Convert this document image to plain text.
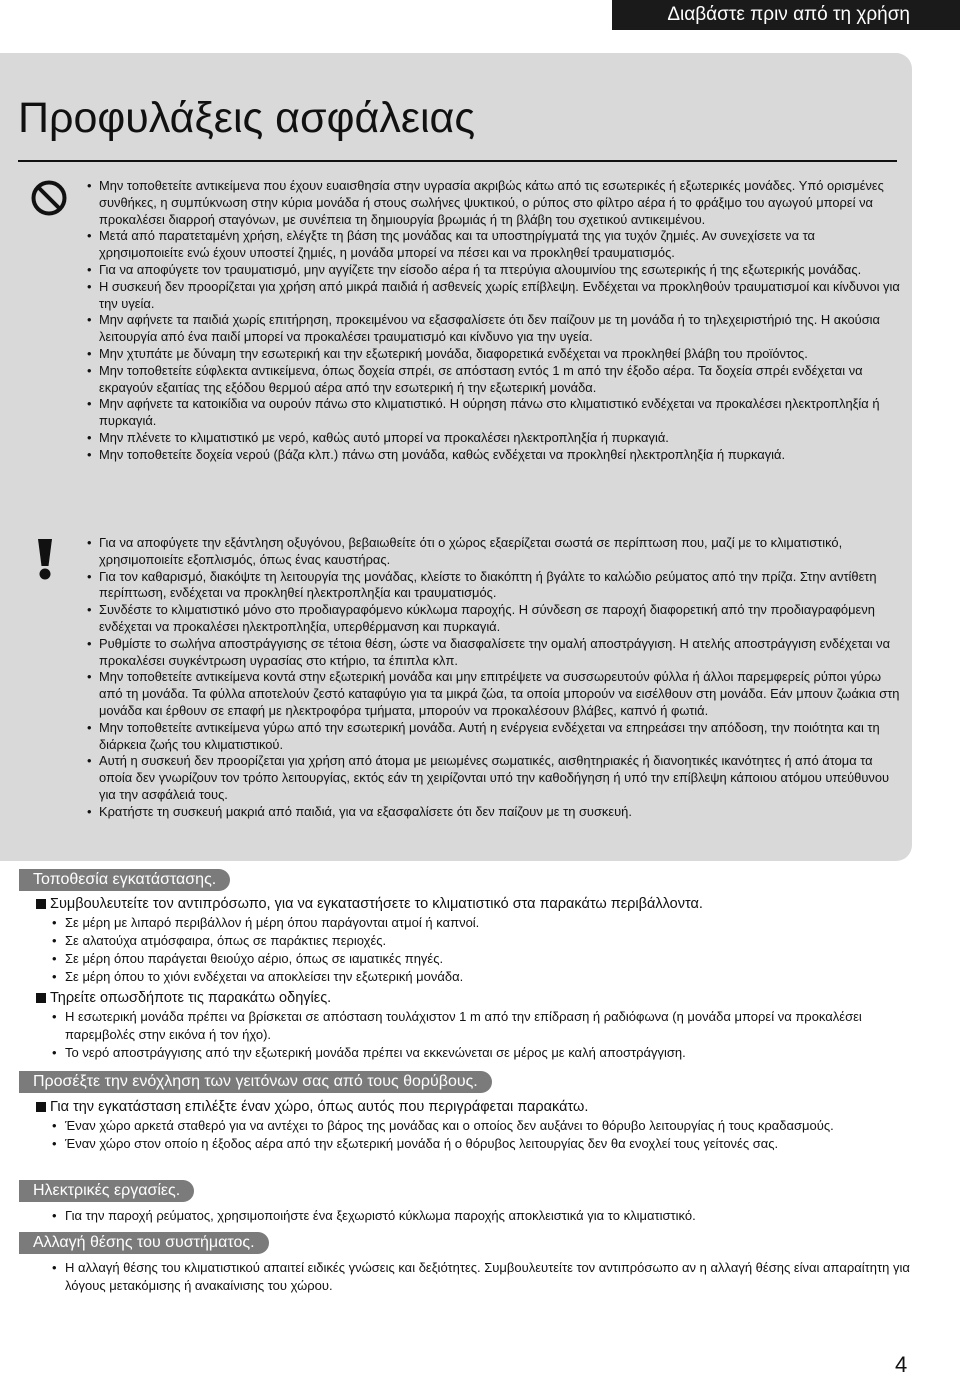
Διαβάστε πριν από τη χρήση
Προφυλάξεις ασφάλειας
• Μην τοποθετείτε αντικείμενα που έχουν ευαισθησία στην υγρασία ακριβώς κάτω από τις εσωτερικές ή εξωτερικές μονάδες. Υπό ορισμένες συνθήκες, η συμπύκνωση στην κύρια μονάδα ή στους σωλήνες ψυκτικού, ο ρύπος στο φίλτρο αέρα ή το φράξιμο του αγωγού μπορεί να προκαλέσει διαρροή σταγόνων, με συνέπεια τη δημιουργία βρωμιάς ή τη βλάβη του σχετικού αντικειμένου.
• Μετά από παρατεταμένη χρήση, ελέγξτε τη βάση της μονάδας και τα υποστηρίγματά της για τυχόν ζημιές. Αν συνεχίσετε να τα χρησιμοποιείτε ενώ έχουν υποστεί ζημιές, η μονάδα μπορεί να πέσει και να προκληθεί τραυματισμός.
• Για να αποφύγετε τον τραυματισμό, μην αγγίζετε την είσοδο αέρα ή τα πτερύγια αλουμινίου της εσωτερικής ή της εξωτερικής μονάδας.
• Η συσκευή δεν προορίζεται για χρήση από μικρά παιδιά ή ασθενείς χωρίς επίβλεψη. Ενδέχεται να προκληθούν τραυματισμοί και κίνδυνοι για την υγεία.
• Μην αφήνετε τα παιδιά χωρίς επιτήρηση, προκειμένου να εξασφαλίσετε ότι δεν παίζουν με τη μονάδα ή το τηλεχειριστήριό της. Η ακούσια λειτουργία από ένα παιδί μπορεί να προκαλέσει τραυματισμό και κίνδυνο για την υγεία.
• Μην χτυπάτε με δύναμη την εσωτερική και την εξωτερική μονάδα, διαφορετικά ενδέχεται να προκληθεί βλάβη του προϊόντος.
• Μην τοποθετείτε εύφλεκτα αντικείμενα, όπως δοχεία σπρέι, σε απόσταση εντός 1 m από την έξοδο αέρα. Τα δοχεία σπρέι ενδέχεται να εκραγούν εξαιτίας της εξόδου θερμού αέρα από την εσωτερική ή την εξωτερική μονάδα.
• Μην αφήνετε τα κατοικίδια να ουρούν πάνω στο κλιματιστικό. Η ούρηση πάνω στο κλιματιστικό ενδέχεται να προκαλέσει ηλεκτροπληξία ή πυρκαγιά.
• Μην πλένετε το κλιματιστικό με νερό, καθώς αυτό μπορεί να προκαλέσει ηλεκτροπληξία ή πυρκαγιά.
• Μην τοποθετείτε δοχεία νερού (βάζα κλπ.) πάνω στη μονάδα, καθώς ενδέχεται να προκληθεί ηλεκτροπληξία ή πυρκαγιά.
• Για να αποφύγετε την εξάντληση οξυγόνου, βεβαιωθείτε ότι ο χώρος εξαερίζεται σωστά σε περίπτωση που, μαζί με το κλιματιστικό, χρησιμοποιείτε εξοπλισμός, όπως ένας καυστήρας.
• Για τον καθαρισμό, διακόψτε τη λειτουργία της μονάδας, κλείστε το διακόπτη ή βγάλτε το καλώδιο ρεύματος από την πρίζα. Στην αντίθετη περίπτωση, ενδέχεται να προκληθεί ηλεκτροπληξία και τραυματισμός.
• Συνδέστε το κλιματιστικό μόνο στο προδιαγραφόμενο κύκλωμα παροχής. Η σύνδεση σε παροχή διαφορετική από την προδιαγραφόμενη ενδέχεται να προκαλέσει ηλεκτροπληξία, υπερθέρμανση και πυρκαγιά.
• Ρυθμίστε το σωλήνα αποστράγγισης σε τέτοια θέση, ώστε να διασφαλίσετε την ομαλή αποστράγγιση. Η ατελής αποστράγγιση ενδέχεται να προκαλέσει συγκέντρωση υγρασίας στο κτήριο, τα έπιπλα κλπ.
• Μην τοποθετείτε αντικείμενα κοντά στην εξωτερική μονάδα και μην επιτρέψετε να συσσωρευτούν φύλλα ή άλλοι παρεμφερείς ρύποι γύρω από τη μονάδα. Τα φύλλα αποτελούν ζεστό καταφύγιο για τα μικρά ζώα, τα οποία μπορούν να εισέλθουν στη μονάδα. Εάν μπουν ζωάκια στη μονάδα και έρθουν σε επαφή με ηλεκτροφόρα τμήματα, μπορούν να προκαλέσουν βλάβες, καπνό ή φωτιά.
• Μην τοποθετείτε αντικείμενα γύρω από την εσωτερική μονάδα. Αυτή η ενέργεια ενδέχεται να επηρεάσει την απόδοση, την ποιότητα και τη διάρκεια ζωής του κλιματιστικού.
• Αυτή η συσκευή δεν προορίζεται για χρήση από άτομα με μειωμένες σωματικές, αισθητηριακές ή διανοητικές ικανότητες ή από άτομα τα οποία δεν γνωρίζουν τον τρόπο λειτουργίας, εκτός εάν τη χειρίζονται υπό την καθοδήγηση ή υπό την επίβλεψη κάποιου ατόμου υπεύθυνου για την ασφάλειά τους.
• Κρατήστε τη συσκευή μακριά από παιδιά, για να εξασφαλίσετε ότι δεν παίζουν με τη συσκευή.
Τοποθεσία εγκατάστασης.
Συμβουλευτείτε τον αντιπρόσωπο, για να εγκαταστήσετε το κλιματιστικό στα παρακάτω περιβάλλοντα.
• Σε μέρη με λιπαρό περιβάλλον ή μέρη όπου παράγονται ατμοί ή καπνοί.
• Σε αλατούχα ατμόσφαιρα, όπως σε παράκτιες περιοχές.
• Σε μέρη όπου παράγεται θειούχο αέριο, όπως σε ιαματικές πηγές.
• Σε μέρη όπου το χιόνι ενδέχεται να αποκλείσει την εξωτερική μονάδα.
Τηρείτε οπωσδήποτε τις παρακάτω οδηγίες.
• Η εσωτερική μονάδα πρέπει να βρίσκεται σε απόσταση τουλάχιστον 1 m από την επίδραση ή ραδιόφωνα (η μονάδα μπορεί να προκαλέσει παρεμβολές στην εικόνα ή τον ήχο).
• Το νερό αποστράγγισης από την εξωτερική μονάδα πρέπει να εκκενώνεται σε μέρος με καλή αποστράγγιση.
Προσέξτε την ενόχληση των γειτόνων σας από τους θορύβους.
Για την εγκατάσταση επιλέξτε έναν χώρο, όπως αυτός που περιγράφεται παρακάτω.
• Έναν χώρο αρκετά σταθερό για να αντέχει το βάρος της μονάδας και ο οποίος δεν αυξάνει το θόρυβο λειτουργίας ή τους κραδασμούς.
• Έναν χώρο στον οποίο η έξοδος αέρα από την εξωτερική μονάδα ή ο θόρυβος λειτουργίας δεν θα ενοχλεί τους γείτονές σας.
Ηλεκτρικές εργασίες.
• Για την παροχή ρεύματος, χρησιμοποιήστε ένα ξεχωριστό κύκλωμα παροχής αποκλειστικά για το κλιματιστικό.
Αλλαγή θέσης του συστήματος.
• Η αλλαγή θέσης του κλιματιστικού απαιτεί ειδικές γνώσεις και δεξιότητες. Συμβουλευτείτε τον αντιπρόσωπο αν η αλλαγή θέσης είναι απαραίτητη για λόγους μετακόμισης ή ανακαίνισης του χώρου.
4
